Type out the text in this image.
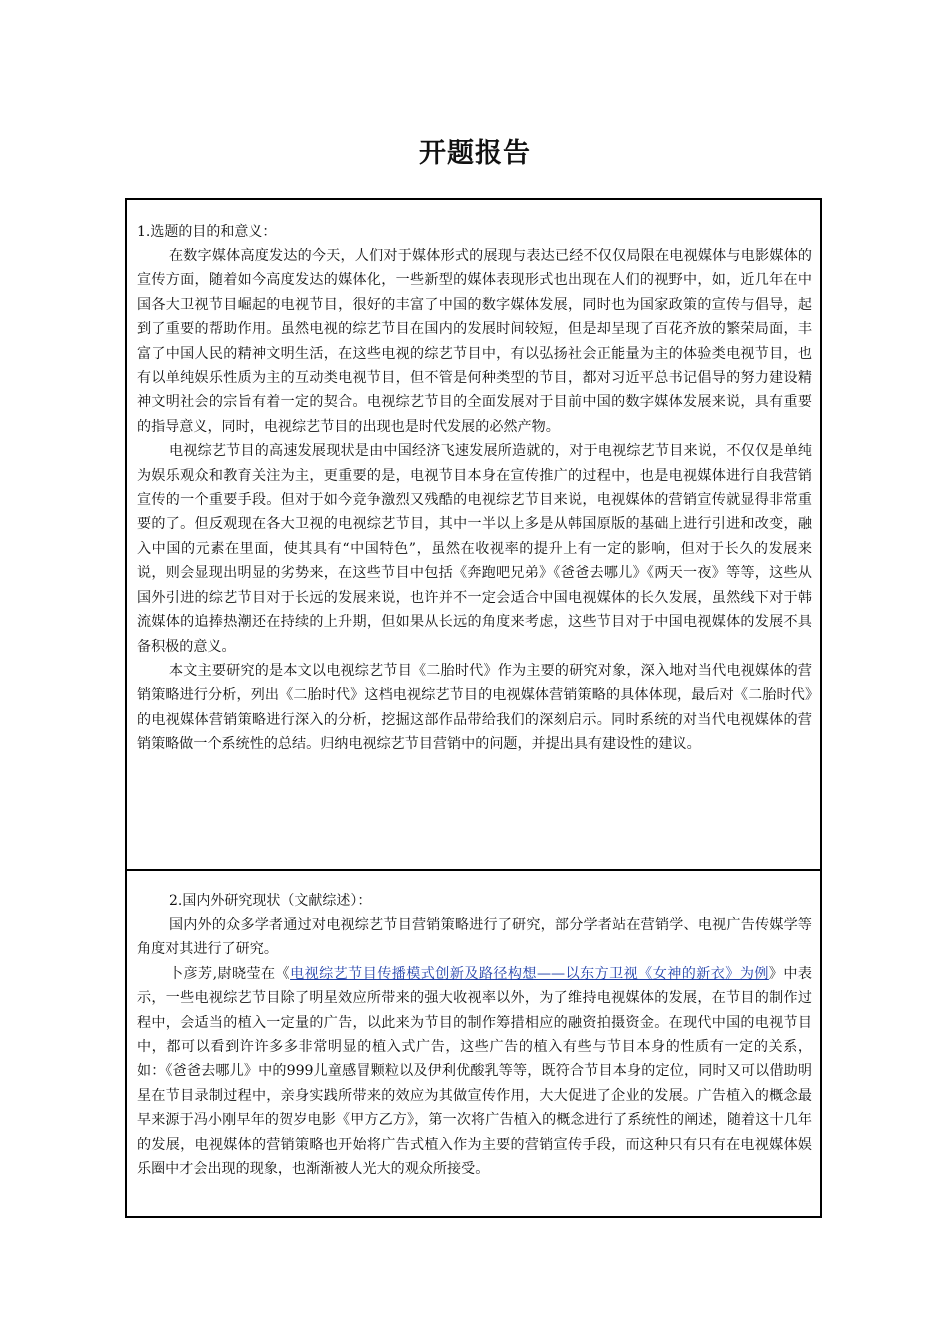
开题报告
1.选题的目的和意义：

在数字媒体高度发达的今天，人们对于媒体形式的展现与表达已经不仅仅局限在电视媒体与电影媒体的宣传方面，随着如今高度发达的媒体化，一些新型的媒体表现形式也出现在人们的视野中，如，近几年在中国各大卫视节目崛起的电视节目，很好的丰富了中国的数字媒体发展，同时也为国家政策的宣传与倡导，起到了重要的帮助作用。虽然电视的综艺节目在国内的发展时间较短，但是却呈现了百花齐放的繁荣局面，丰富了中国人民的精神文明生活，在这些电视的综艺节目中，有以弘扬社会正能量为主的体验类电视节目，也有以单纯娱乐性质为主的互动类电视节目，但不管是何种类型的节目，都对习近平总书记倡导的努力建设精神文明社会的宗旨有着一定的契合。电视综艺节目的全面发展对于目前中国的数字媒体发展来说，具有重要的指导意义，同时，电视综艺节目的出现也是时代发展的必然产物。

电视综艺节目的高速发展现状是由中国经济飞速发展所造就的，对于电视综艺节目来说，不仅仅是单纯为娱乐观众和教育关注为主，更重要的是，电视节目本身在宣传推广的过程中，也是电视媒体进行自我营销宣传的一个重要手段。但对于如今竞争激烈又残酷的电视综艺节目来说，电视媒体的营销宣传就显得非常重要的了。但反观现在各大卫视的电视综艺节目，其中一半以上多是从韩国原版的基础上进行引进和改变，融入中国的元素在里面，使其具有“中国特色”，虽然在收视率的提升上有一定的影响，但对于长久的发展来说，则会显现出明显的劣势来，在这些节目中包括《奔跑吧兄弟》《爸爸去哪儿》《两天一夜》等等，这些从国外引进的综艺节目对于长远的发展来说，也许并不一定会适合中国电视媒体的长久发展，虽然线下对于韩流媒体的追捧热潮还在持续的上升期，但如果从长远的角度来考虑，这些节目对于中国电视媒体的发展不具备积极的意义。

本文主要研究的是本文以电视综艺节目《二胎时代》作为主要的研究对象，深入地对当代电视媒体的营销策略进行分析，列出《二胎时代》这档电视综艺节目的电视媒体营销策略的具体体现，最后对《二胎时代》的电视媒体营销策略进行深入的分析，挖掘这部作品带给我们的深刻启示。同时系统的对当代电视媒体的营销策略做一个系统性的总结。归纳电视综艺节目营销中的问题，并提出具有建设性的建议。

2.国内外研究现状（文献综述）：

国内外的众多学者通过对电视综艺节目营销策略进行了研究，部分学者站在营销学、电视广告传媒学等角度对其进行了研究。

卜彦芳,尉晓莹在《电视综艺节目传播模式创新及路径构想——以东方卫视《女神的新衣》为例》中表示，一些电视综艺节目除了明星效应所带来的强大收视率以外，为了维持电视媒体的发展，在节目的制作过程中，会适当的植入一定量的广告，以此来为节目的制作筹措相应的融资拍摄资金。在现代中国的电视节目中，都可以看到许许多多非常明显的植入式广告，这些广告的植入有些与节目本身的性质有一定的关系，如：《爸爸去哪儿》中的999儿童感冒颗粒以及伊利优酸乳等等，既符合节目本身的定位，同时又可以借助明星在节目录制过程中，亲身实践所带来的效应为其做宣传作用，大大促进了企业的发展。广告植入的概念最早来源于冯小刚早年的贺岁电影《甲方乙方》，第一次将广告植入的概念进行了系统性的阐述，随着这十几年的发展，电视媒体的营销策略也开始将广告式植入作为主要的营销宣传手段，而这种只有只有在电视媒体娱乐圈中才会出现的现象，也渐渐被人光大的观众所接受。
